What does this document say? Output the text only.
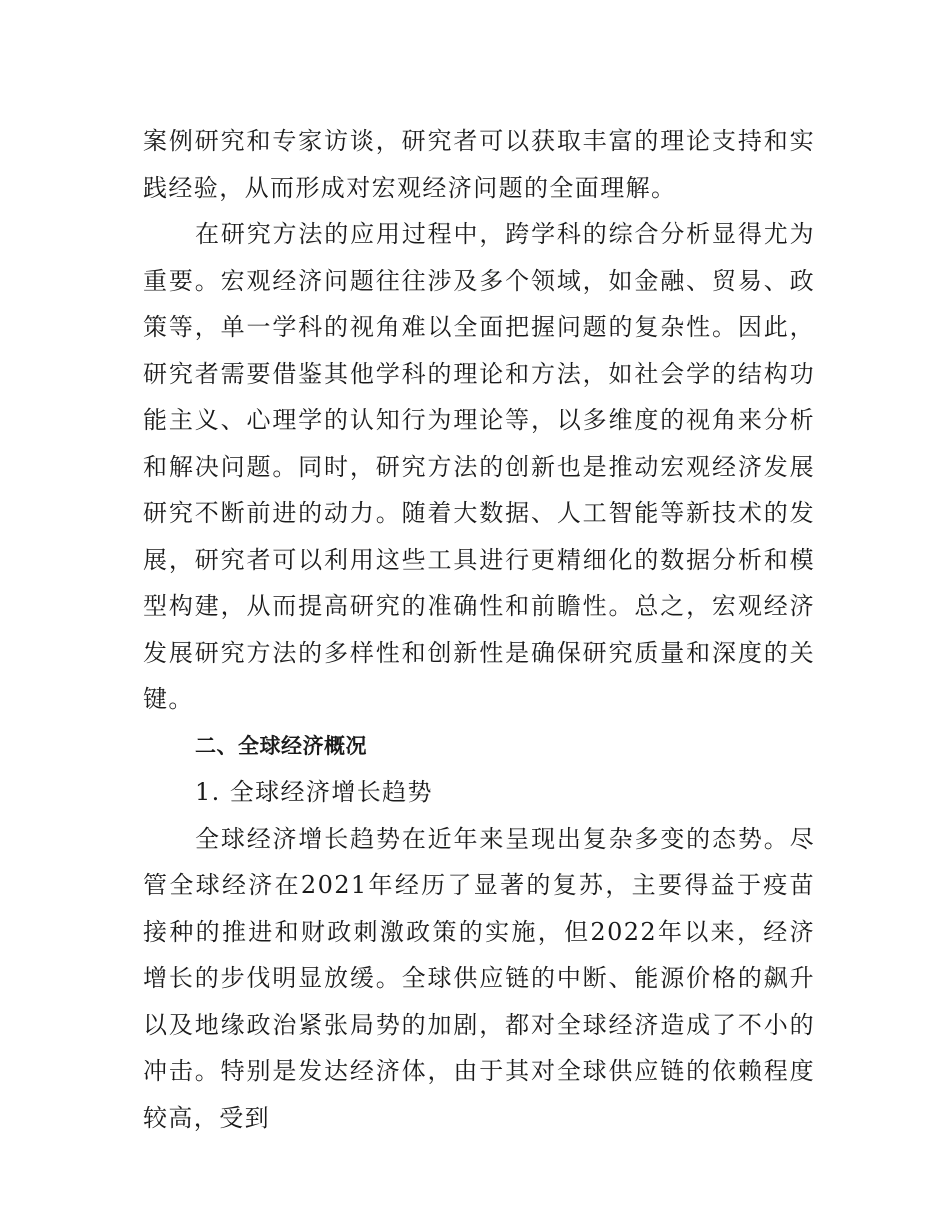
案例研究和专家访谈，研究者可以获取丰富的理论支持和实践经验，从而形成对宏观经济问题的全面理解。

在研究方法的应用过程中，跨学科的综合分析显得尤为重要。宏观经济问题往往涉及多个领域，如金融、贸易、政策等，单一学科的视角难以全面把握问题的复杂性。因此，研究者需要借鉴其他学科的理论和方法，如社会学的结构功能主义、心理学的认知行为理论等，以多维度的视角来分析和解决问题。同时，研究方法的创新也是推动宏观经济发展研究不断前进的动力。随着大数据、人工智能等新技术的发展，研究者可以利用这些工具进行更精细化的数据分析和模型构建，从而提高研究的准确性和前瞻性。总之，宏观经济发展研究方法的多样性和创新性是确保研究质量和深度的关键。

二、全球经济概况

1. 全球经济增长趋势

全球经济增长趋势在近年来呈现出复杂多变的态势。尽管全球经济在2021年经历了显著的复苏，主要得益于疫苗接种的推进和财政刺激政策的实施，但2022年以来，经济增长的步伐明显放缓。全球供应链的中断、能源价格的飙升以及地缘政治紧张局势的加剧，都对全球经济造成了不小的冲击。特别是发达经济体，由于其对全球供应链的依赖程度较高，受到
